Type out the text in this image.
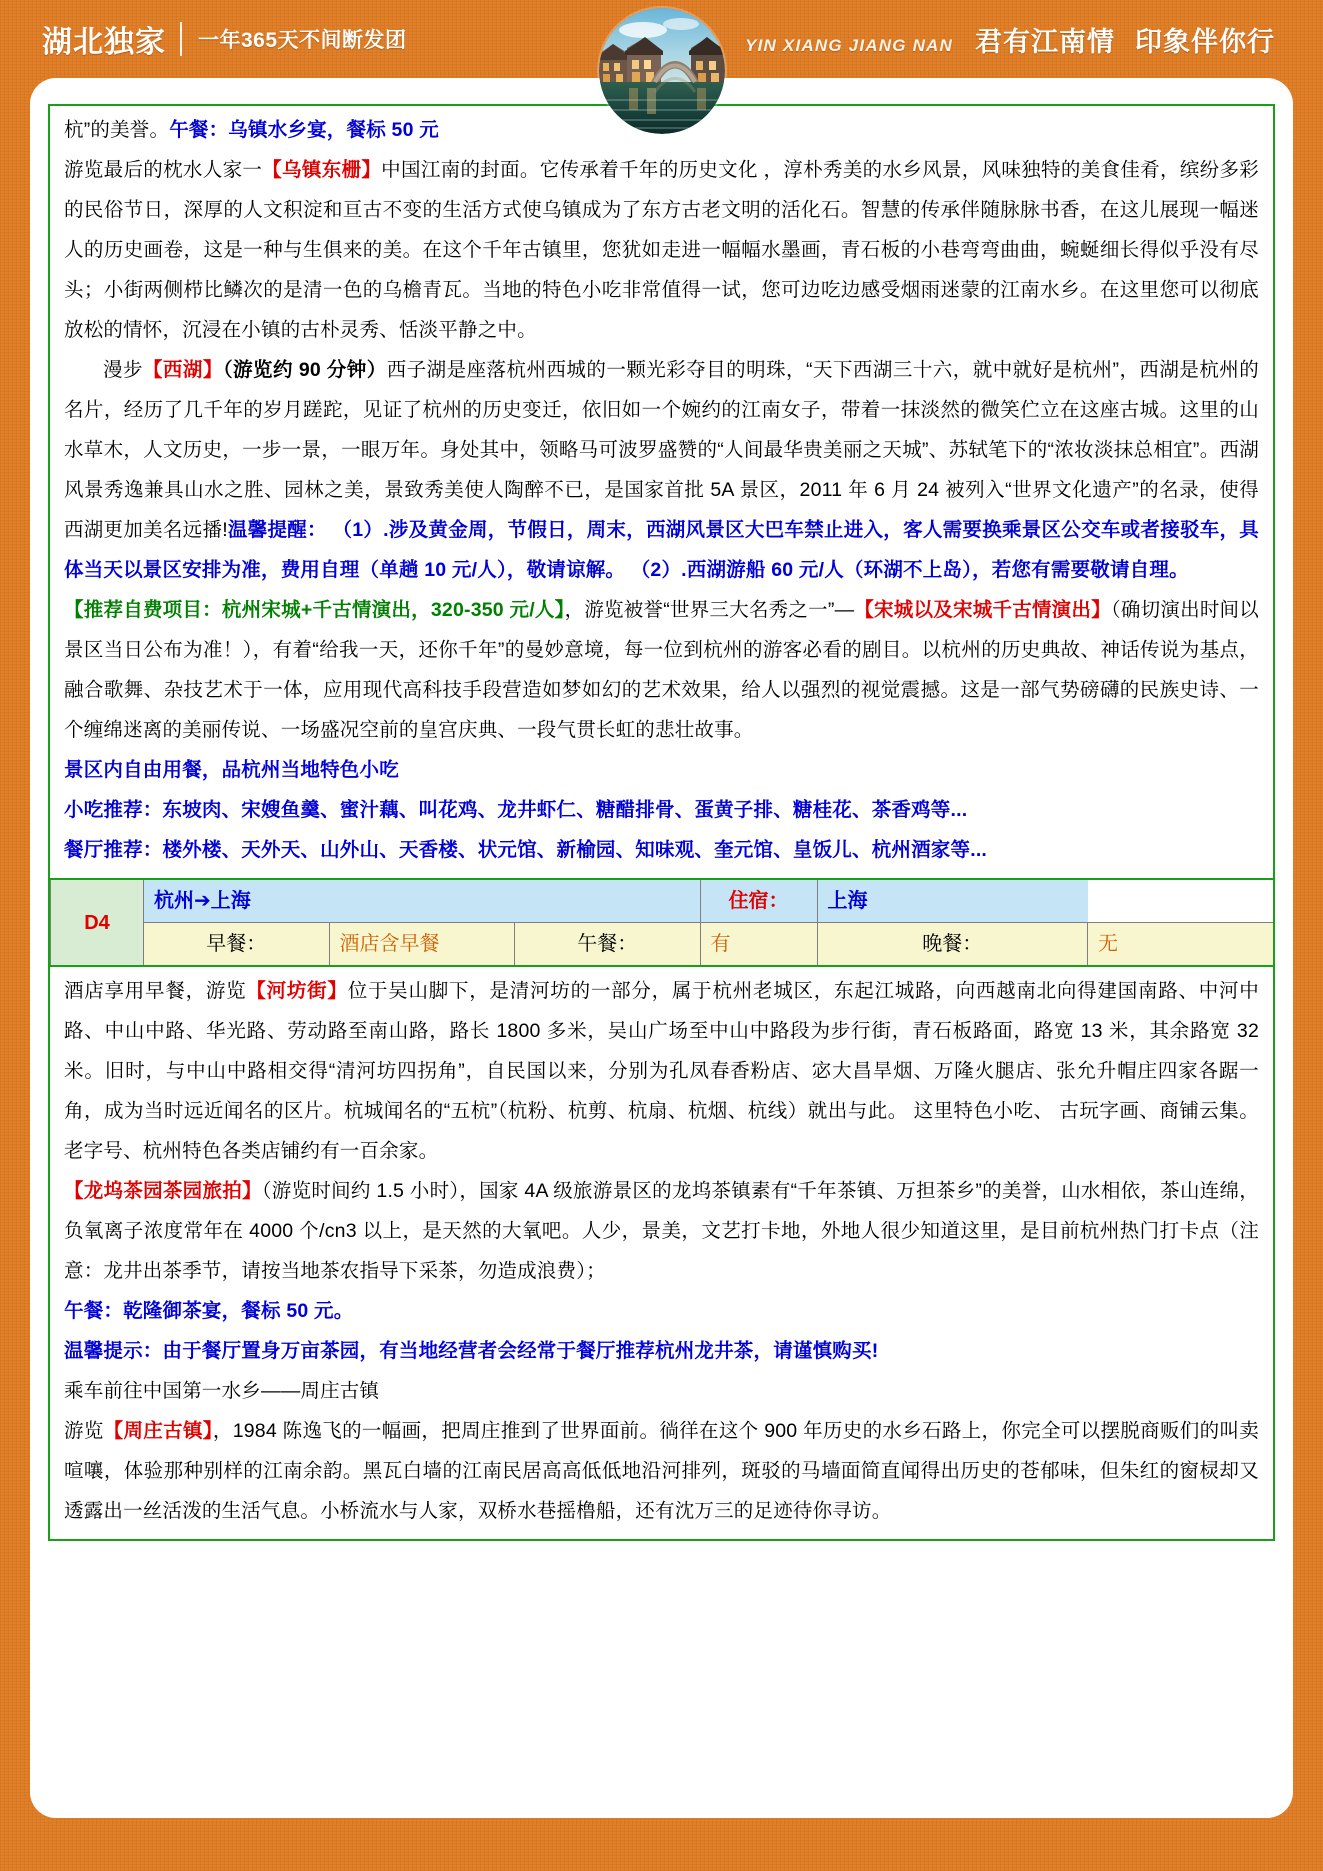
湖北独家 一年365天不间断发团	YIN XIANG JIANG NAN 君有江南情 印象伴你行

杭”的美誉。午餐：乌镇水乡宴，餐标 50 元

游览最后的枕水人家一【乌镇东栅】中国江南的封面。它传承着千年的历史文化 ，淳朴秀美的水乡风景，风味独特的美食佳肴，缤纷多彩的民俗节日，深厚的人文积淀和亘古不变的生活方式使乌镇成为了东方古老文明的活化石。智慧的传承伴随脉脉书香，在这儿展现一幅迷人的历史画卷，这是一种与生俱来的美。在这个千年古镇里，您犹如走进一幅幅水墨画，青石板的小巷弯弯曲曲，蜿蜒细长得似乎没有尽头；小街两侧栉比鳞次的是清一色的乌檐青瓦。当地的特色小吃非常值得一试，您可边吃边感受烟雨迷蒙的江南水乡。在这里您可以彻底放松的情怀，沉浸在小镇的古朴灵秀、恬淡平静之中。

漫步【西湖】（游览约 90 分钟）西子湖是座落杭州西城的一颗光彩夺目的明珠，“天下西湖三十六，就中就好是杭州”，西湖是杭州的名片，经历了几千年的岁月蹉跎，见证了杭州的历史变迁，依旧如一个婉约的江南女子，带着一抹淡然的微笑伫立在这座古城。这里的山水草木，人文历史，一步一景，一眼万年。身处其中，领略马可波罗盛赞的“人间最华贵美丽之天城”、苏轼笔下的“浓妆淡抹总相宜”。西湖风景秀逸兼具山水之胜、园林之美，景致秀美使人陶醉不已，是国家首批 5A 景区，2011 年 6 月 24 被列入“世界文化遗产”的名录，使得西湖更加美名远播!温馨提醒： （1）.涉及黄金周，节假日，周末，西湖风景区大巴车禁止进入，客人需要换乘景区公交车或者接驳车，具体当天以景区安排为准，费用自理（单趟 10 元/人），敬请谅解。 （2）.西湖游船 60 元/人（环湖不上岛），若您有需要敬请自理。

【推荐自费项目：杭州宋城+千古情演出，320-350 元/人】，游览被誉“世界三大名秀之一”—【宋城以及宋城千古情演出】（确切演出时间以景区当日公布为准！），有着“给我一天，还你千年”的曼妙意境，每一位到杭州的游客必看的剧目。以杭州的历史典故、神话传说为基点，融合歌舞、杂技艺术于一体，应用现代高科技手段营造如梦如幻的艺术效果，给人以强烈的视觉震撼。这是一部气势磅礴的民族史诗、一个缠绵迷离的美丽传说、一场盛况空前的皇宫庆典、一段气贯长虹的悲壮故事。

景区内自由用餐，品杭州当地特色小吃

小吃推荐：东坡肉、宋嫂鱼羹、蜜汁藕、叫花鸡、龙井虾仁、糖醋排骨、蛋黄子排、糖桂花、茶香鸡等...

餐厅推荐：楼外楼、天外天、山外山、天香楼、状元馆、新榆园、知味观、奎元馆、皇饭儿、杭州酒家等...

D4	杭州➔上海			住宿：	上海	
	早餐：	酒店含早餐	午餐：	有	晚餐：	无

酒店享用早餐，游览【河坊街】位于吴山脚下，是清河坊的一部分，属于杭州老城区，东起江城路，向西越南北向得建国南路、中河中路、中山中路、华光路、劳动路至南山路，路长 1800 多米，吴山广场至中山中路段为步行街，青石板路面，路宽 13 米，其余路宽 32 米。旧时，与中山中路相交得“清河坊四拐角”，自民国以来，分别为孔凤春香粉店、宓大昌旱烟、万隆火腿店、张允升帽庄四家各踞一角，成为当时远近闻名的区片。杭城闻名的“五杭”（杭粉、杭剪、杭扇、杭烟、杭线）就出与此。 这里特色小吃、 古玩字画、商铺云集。老字号、杭州特色各类店铺约有一百余家。

【龙坞茶园茶园旅拍】（游览时间约 1.5 小时），国家 4A 级旅游景区的龙坞茶镇素有“千年茶镇、万担茶乡”的美誉，山水相依，茶山连绵，负氧离子浓度常年在 4000 个/cn3 以上，是天然的大氧吧。人少，景美，文艺打卡地，外地人很少知道这里，是目前杭州热门打卡点（注意：龙井出茶季节，请按当地茶农指导下采茶，勿造成浪费）；

午餐：乾隆御茶宴，餐标 50 元。

温馨提示：由于餐厅置身万亩茶园，有当地经营者会经常于餐厅推荐杭州龙井茶，请谨慎购买!

乘车前往中国第一水乡——周庄古镇

游览【周庄古镇】，1984 陈逸飞的一幅画，把周庄推到了世界面前。徜徉在这个 900 年历史的水乡石路上，你完全可以摆脱商贩们的叫卖喧嚷，体验那种别样的江南余韵。黑瓦白墙的江南民居高高低低地沿河排列，斑驳的马墙面简直闻得出历史的苍郁味，但朱红的窗棂却又透露出一丝活泼的生活气息。小桥流水与人家，双桥水巷摇橹船，还有沈万三的足迹待你寻访。
